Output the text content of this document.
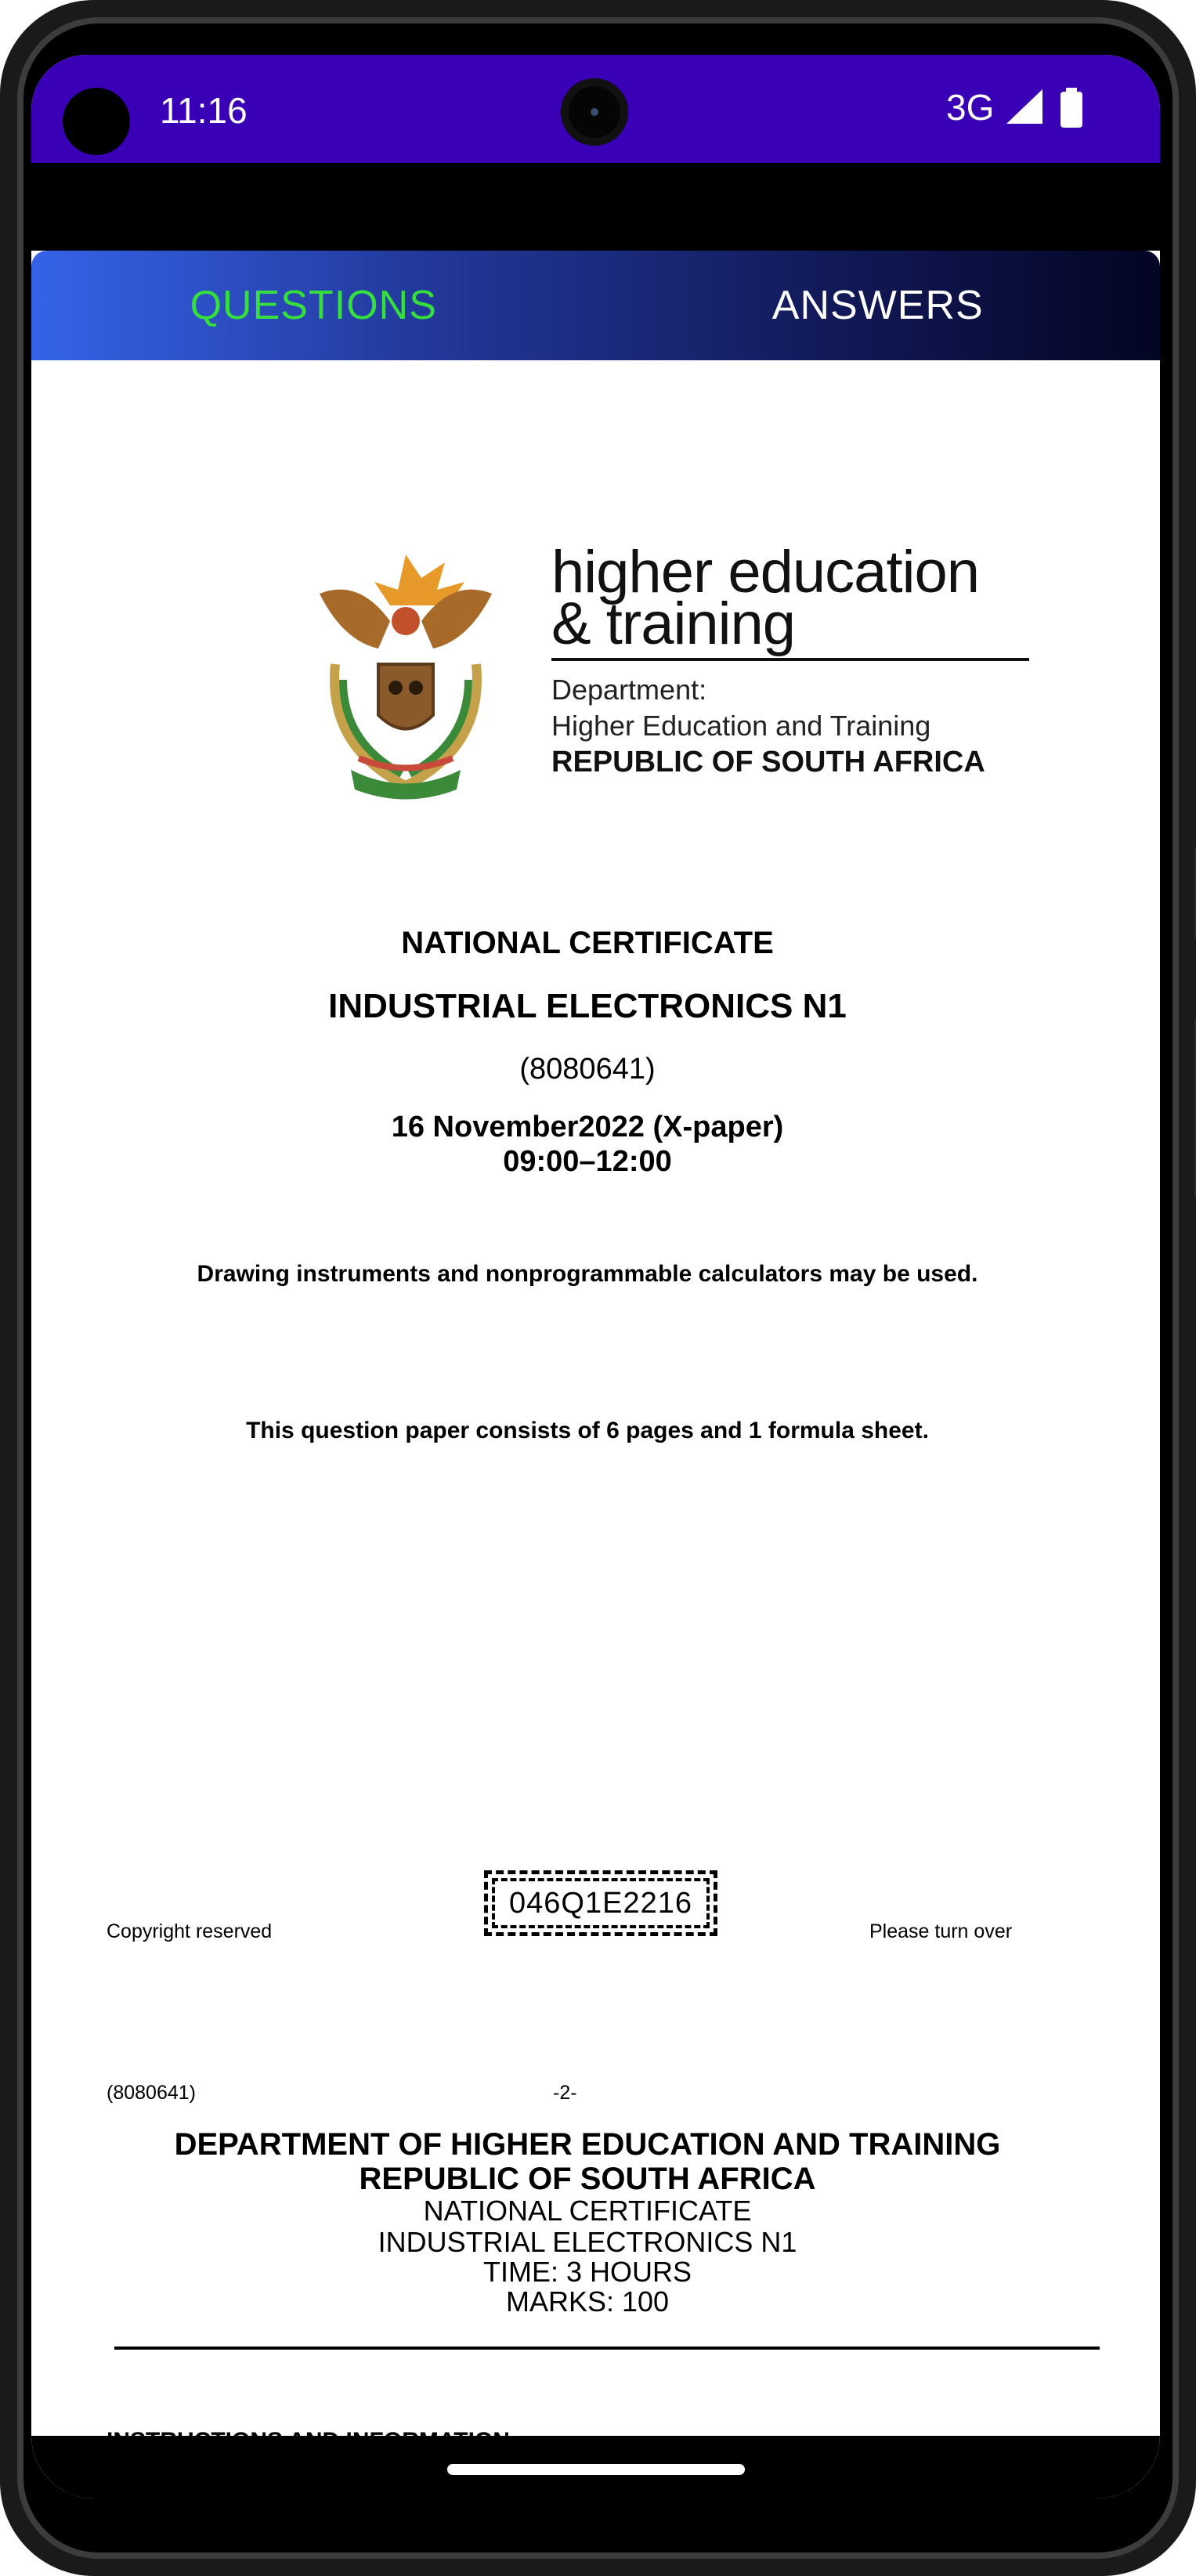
11:16	3G
QUESTIONS	ANSWERS
higher education
& training
Department:
Higher Education and Training
REPUBLIC OF SOUTH AFRICA
NATIONAL CERTIFICATE
INDUSTRIAL ELECTRONICS N1
(8080641)
16 November2022 (X-paper)
09:00–12:00
Drawing instruments and nonprogrammable calculators may be used.
This question paper consists of 6 pages and 1 formula sheet.
Copyright reserved
046Q1E2216
Please turn over
(8080641)	-2-
DEPARTMENT OF HIGHER EDUCATION AND TRAINING
REPUBLIC OF SOUTH AFRICA
NATIONAL CERTIFICATE
INDUSTRIAL ELECTRONICS N1
TIME: 3 HOURS
MARKS: 100
